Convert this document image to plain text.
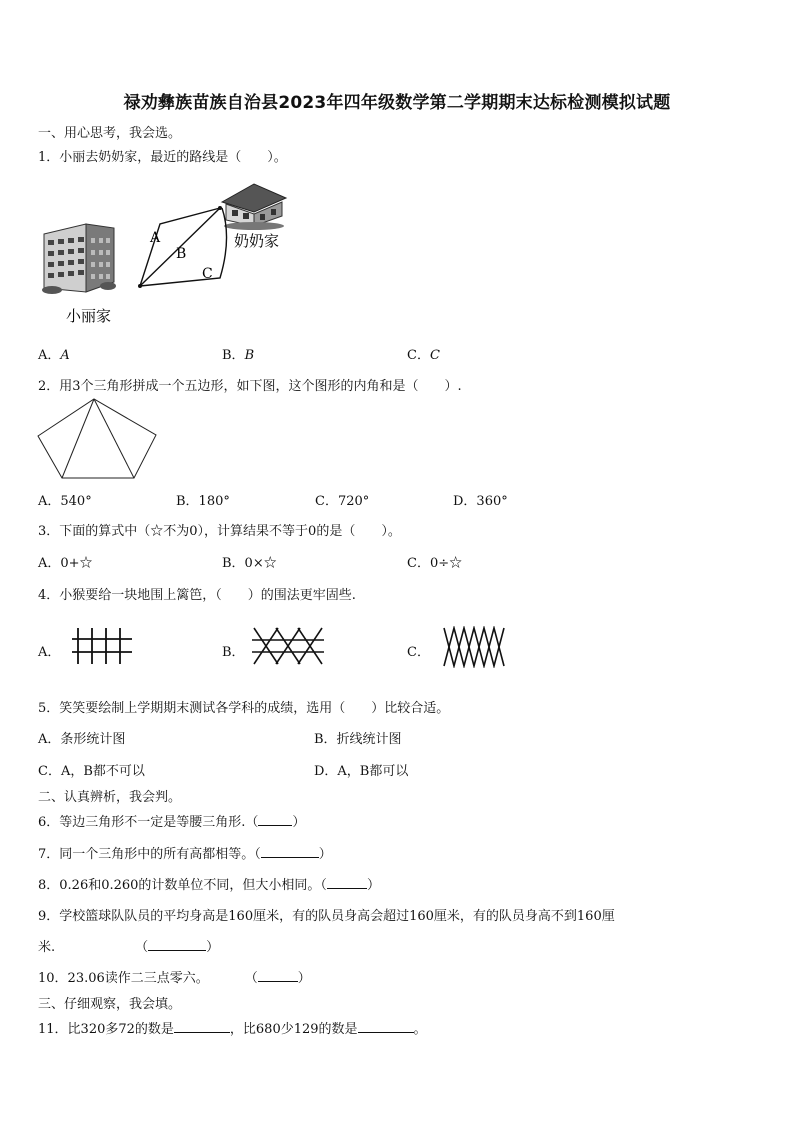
禄劝彝族苗族自治县2023年四年级数学第二学期期末达标检测模拟试题
一、用心思考，我会选。
1．小丽去奶奶家，最近的路线是（　　）。
A
B
C
奶奶家
小丽家
A．A	B．B	C．C
2．用3个三角形拼成一个五边形，如下图，这个图形的内角和是（　　）.
A．540°	B．180°	C．720°	D．360°
3．下面的算式中（☆不为0），计算结果不等于0的是（　　）。
A．0+☆	B．0×☆	C．0÷☆
4．小猴要给一块地围上篱笆，（　　）的围法更牢固些.
A．	B．	C．
5．笑笑要绘制上学期期末测试各学科的成绩，选用（　　）比较合适。
A．条形统计图	B．折线统计图
C．A，B都不可以	D．A，B都可以
二、认真辨析，我会判。
6．等边三角形不一定是等腰三角形.（	）
7．同一个三角形中的所有高都相等。（	）
8．0.26和0.260的计数单位不同，但大小相同。（	）
9．学校篮球队队员的平均身高是160厘米，有的队员身高会超过160厘米，有的队员身高不到160厘
米.	（	）
10．23.06读作二三点零六。	（	）
三、仔细观察，我会填。
11．比320多72的数是	，比680少129的数是	。
